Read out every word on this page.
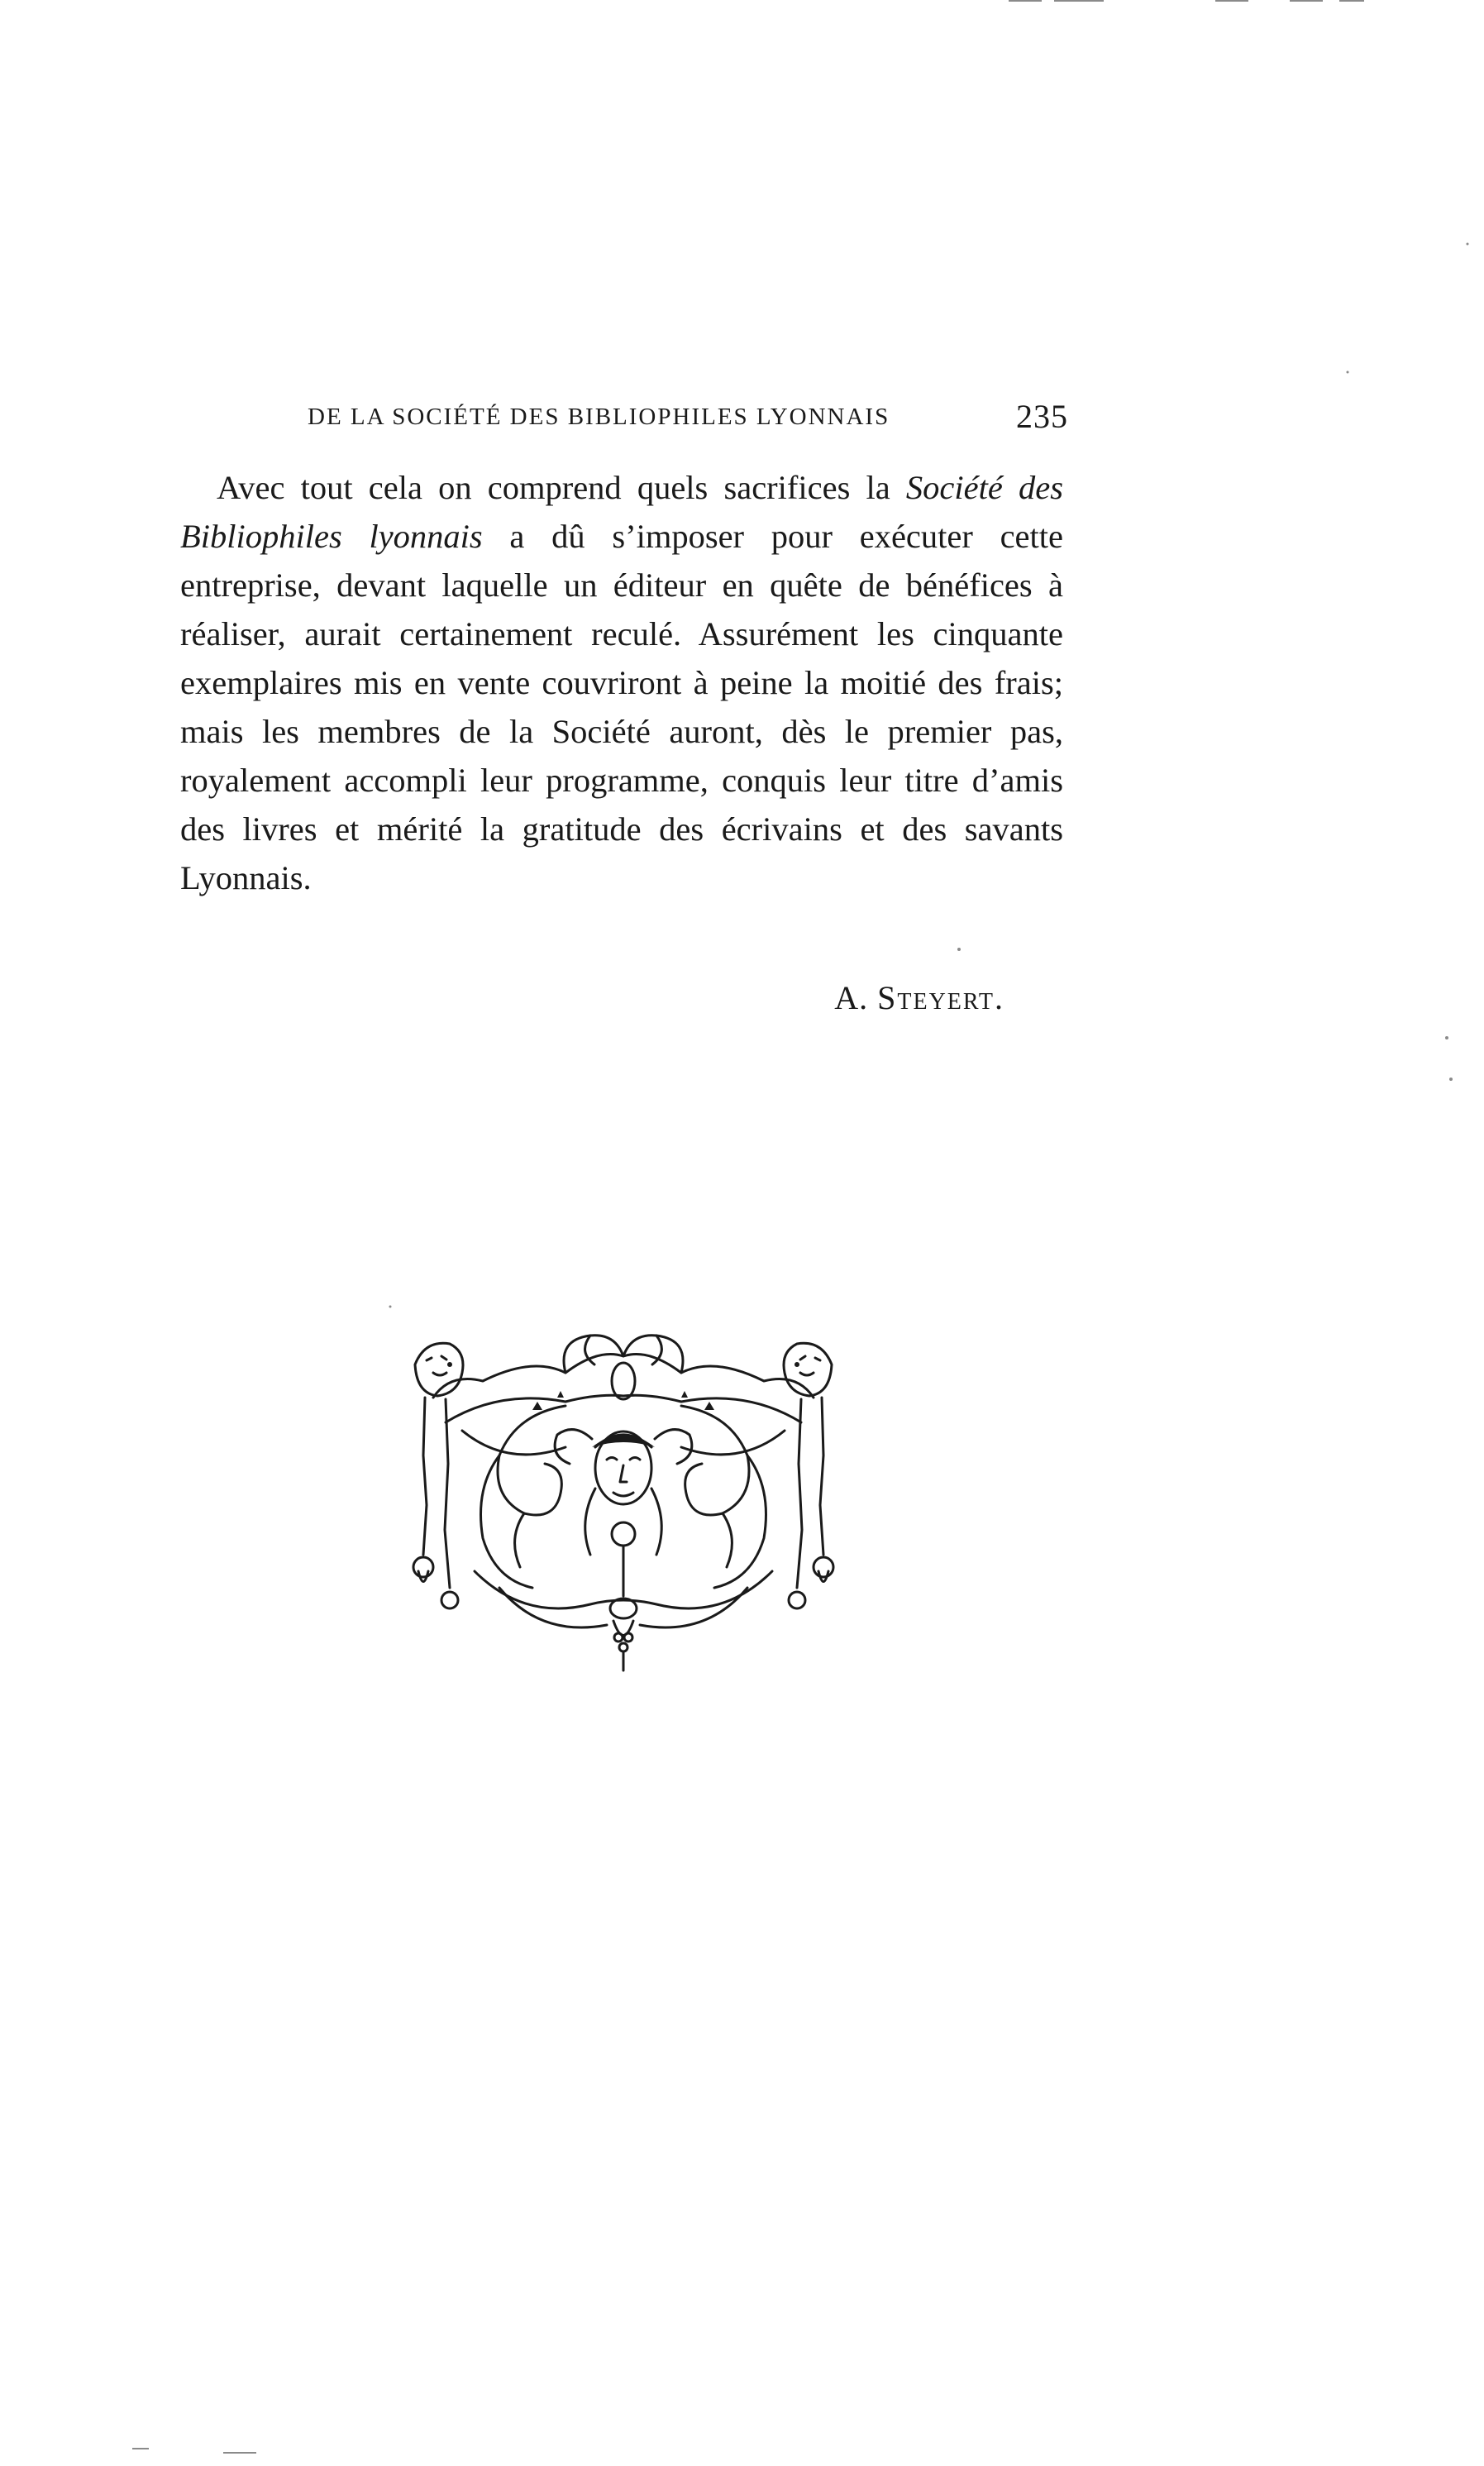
DE LA SOCIÉTÉ DES BIBLIOPHILES LYONNAIS	235

Avec tout cela on comprend quels sacrifices la Société des Bibliophiles lyonnais a dû s’imposer pour exécuter cette entreprise, devant laquelle un éditeur en quête de bénéfices à réaliser, aurait certainement reculé. Assurément les cinquante exemplaires mis en vente couvriront à peine la moitié des frais; mais les membres de la Société auront, dès le premier pas, royalement accompli leur programme, conquis leur titre d’amis des livres et mérité la gratitude des écrivains et des savants Lyonnais.

A. Steyert.
